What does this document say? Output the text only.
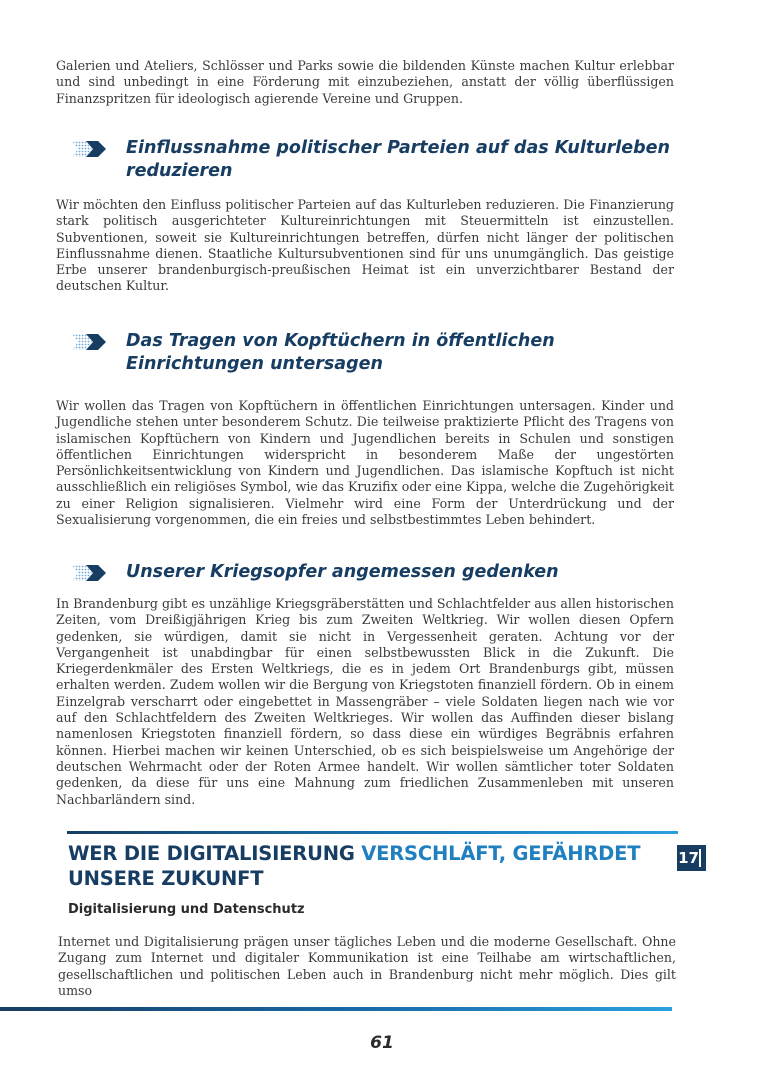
Galerien und Ateliers, Schlösser und Parks sowie die bildenden Künste machen Kultur erlebbar und sind unbedingt in eine Förderung mit einzubeziehen, anstatt der völlig überflüssigen Finanzspritzen für ideologisch agierende Vereine und Gruppen.

Einflussnahme politischer Parteien auf das Kulturleben reduzieren

Wir möchten den Einfluss politischer Parteien auf das Kulturleben reduzieren. Die Finanzierung stark politisch ausgerichteter Kultureinrichtungen mit Steuermitteln ist einzustellen. Subventionen, soweit sie Kultureinrichtungen betreffen, dürfen nicht länger der politischen Einflussnahme dienen. Staatliche Kultursubventionen sind für uns unumgänglich. Das geistige Erbe unserer brandenburgisch-preußischen Heimat ist ein unverzichtbarer Bestand der deutschen Kultur.

Das Tragen von Kopftüchern in öffentlichen Einrichtungen untersagen

Wir wollen das Tragen von Kopftüchern in öffentlichen Einrichtungen untersagen. Kinder und Jugendliche stehen unter besonderem Schutz. Die teilweise praktizierte Pflicht des Tragens von islamischen Kopftüchern von Kindern und Jugendlichen bereits in Schulen und sonstigen öffentlichen Einrichtungen widerspricht in besonderem Maße der ungestörten Persönlichkeitsentwicklung von Kindern und Jugendlichen. Das islamische Kopftuch ist nicht ausschließlich ein religiöses Symbol, wie das Kruzifix oder eine Kippa, welche die Zugehörigkeit zu einer Religion signalisieren. Vielmehr wird eine Form der Unterdrückung und der Sexualisierung vorgenommen, die ein freies und selbstbestimmtes Leben behindert.

Unserer Kriegsopfer angemessen gedenken

In Brandenburg gibt es unzählige Kriegsgräberstätten und Schlachtfelder aus allen historischen Zeiten, vom Dreißigjährigen Krieg bis zum Zweiten Weltkrieg. Wir wollen diesen Opfern gedenken, sie würdigen, damit sie nicht in Vergessenheit geraten. Achtung vor der Vergangenheit ist unabdingbar für einen selbstbewussten Blick in die Zukunft. Die Kriegerdenkmäler des Ersten Weltkriegs, die es in jedem Ort Brandenburgs gibt, müssen erhalten werden. Zudem wollen wir die Bergung von Kriegstoten finanziell fördern. Ob in einem Einzelgrab verscharrt oder eingebettet in Massengräber – viele Soldaten liegen nach wie vor auf den Schlachtfeldern des Zweiten Weltkrieges. Wir wollen das Auffinden dieser bislang namenlosen Kriegstoten finanziell fördern, so dass diese ein würdiges Begräbnis erfahren können. Hierbei machen wir keinen Unterschied, ob es sich beispielsweise um Angehörige der deutschen Wehrmacht oder der Roten Armee handelt. Wir wollen sämtlicher toter Soldaten gedenken, da diese für uns eine Mahnung zum friedlichen Zusammenleben mit unseren Nachbarländern sind.

WER DIE DIGITALISIERUNG VERSCHLÄFT, GEFÄHRDET
UNSERE ZUKUNFT
17
Digitalisierung und Datenschutz

Internet und Digitalisierung prägen unser tägliches Leben und die moderne Gesellschaft. Ohne Zugang zum Internet und digitaler Kommunikation ist eine Teilhabe am wirtschaftlichen, gesellschaftlichen und politischen Leben auch in Brandenburg nicht mehr möglich. Dies gilt umso

61
